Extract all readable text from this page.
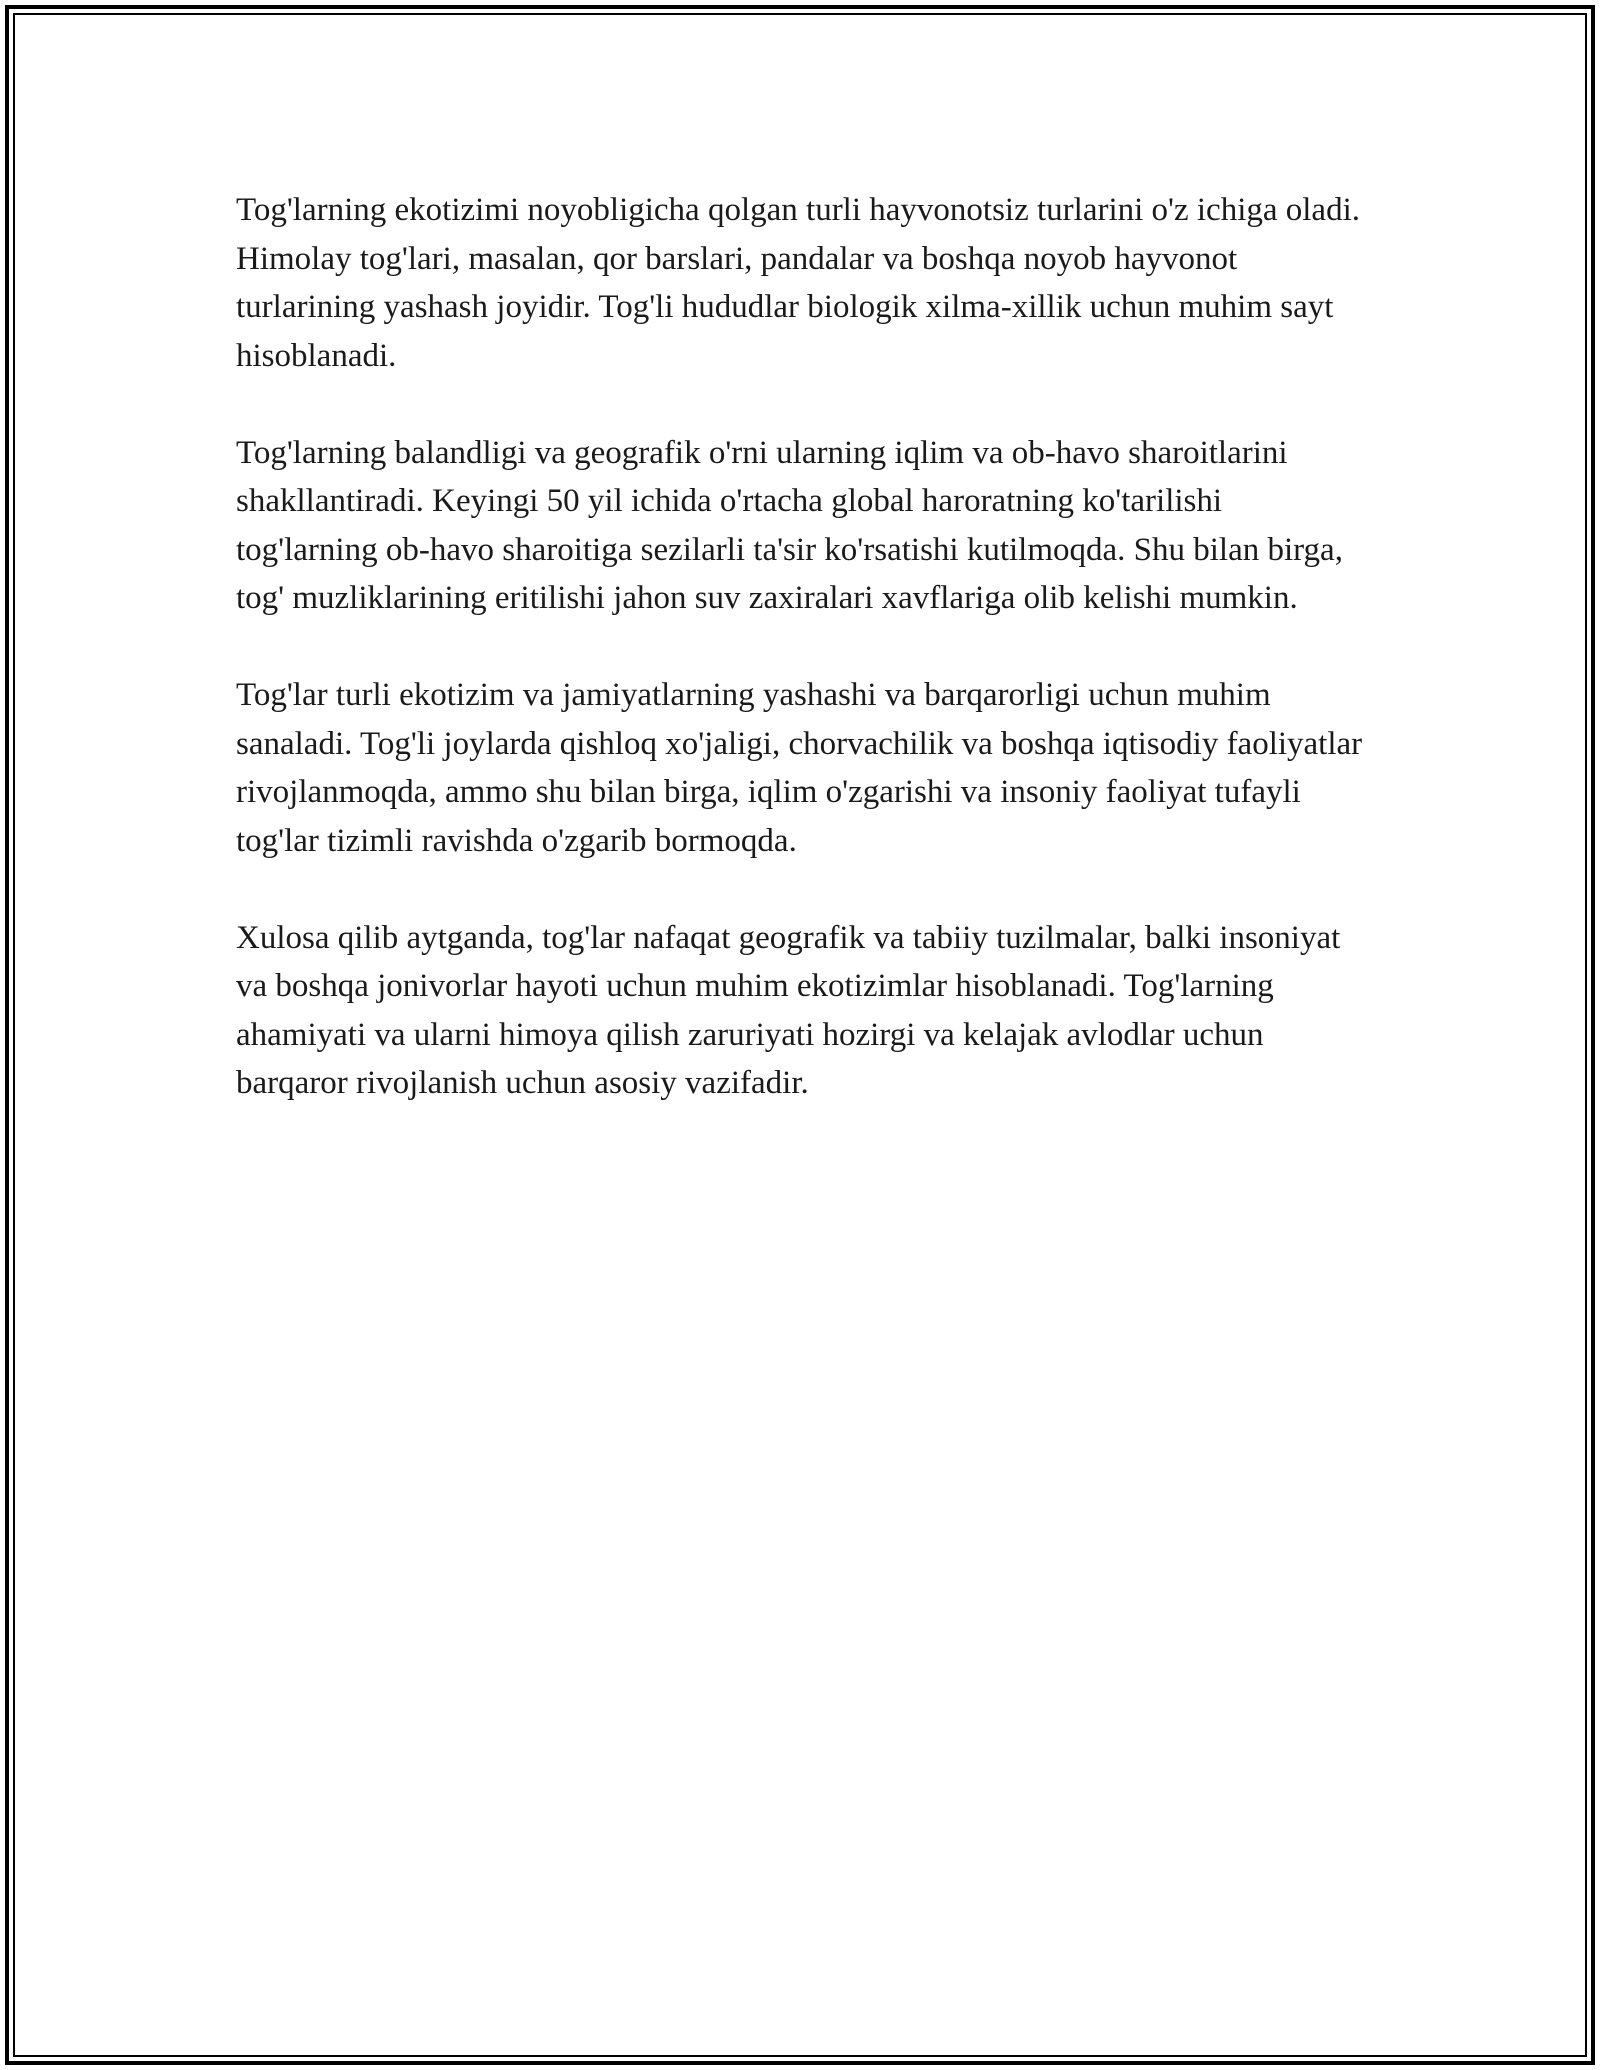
Tog'larning ekotizimi noyobligicha qolgan turli hayvonotsiz turlarini o'z ichiga oladi. Himolay tog'lari, masalan, qor barslari, pandalar va boshqa noyob hayvonot turlarining yashash joyidir. Tog'li hududlar biologik xilma-xillik uchun muhim sayt hisoblanadi.

Tog'larning balandligi va geografik o'rni ularning iqlim va ob-havo sharoitlarini shakllantiradi. Keyingi 50 yil ichida o'rtacha global haroratning ko'tarilishi tog'larning ob-havo sharoitiga sezilarli ta'sir ko'rsatishi kutilmoqda. Shu bilan birga, tog' muzliklarining eritilishi jahon suv zaxiralari xavflariga olib kelishi mumkin.

Tog'lar turli ekotizim va jamiyatlarning yashashi va barqarorligi uchun muhim sanaladi. Tog'li joylarda qishloq xo'jaligi, chorvachilik va boshqa iqtisodiy faoliyatlar rivojlanmoqda, ammo shu bilan birga, iqlim o'zgarishi va insoniy faoliyat tufayli tog'lar tizimli ravishda o'zgarib bormoqda.

Xulosa qilib aytganda, tog'lar nafaqat geografik va tabiiy tuzilmalar, balki insoniyat va boshqa jonivorlar hayoti uchun muhim ekotizimlar hisoblanadi. Tog'larning ahamiyati va ularni himoya qilish zaruriyati hozirgi va kelajak avlodlar uchun barqaror rivojlanish uchun asosiy vazifadir.
